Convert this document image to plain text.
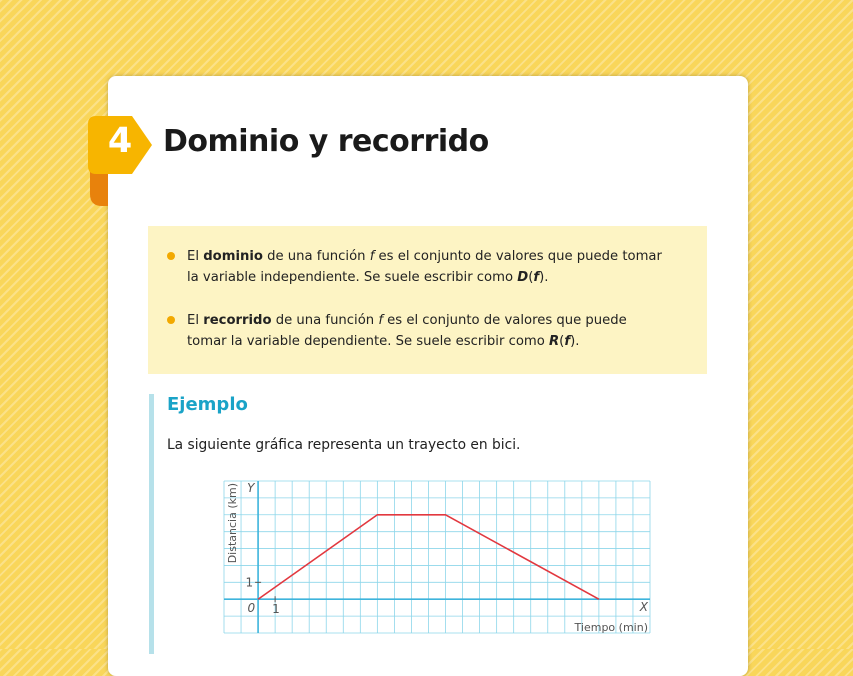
4	Dominio y recorrido
El dominio de una función f es el conjunto de valores que puede tomar la variable independiente. Se suele escribir como D(f).
El recorrido de una función f es el conjunto de valores que puede tomar la variable dependiente. Se suele escribir como R(f).
Ejemplo
La siguiente gráfica representa un trayecto en bici.
0 1
1
X
Y
Tiempo (min)
Distancia (km)
